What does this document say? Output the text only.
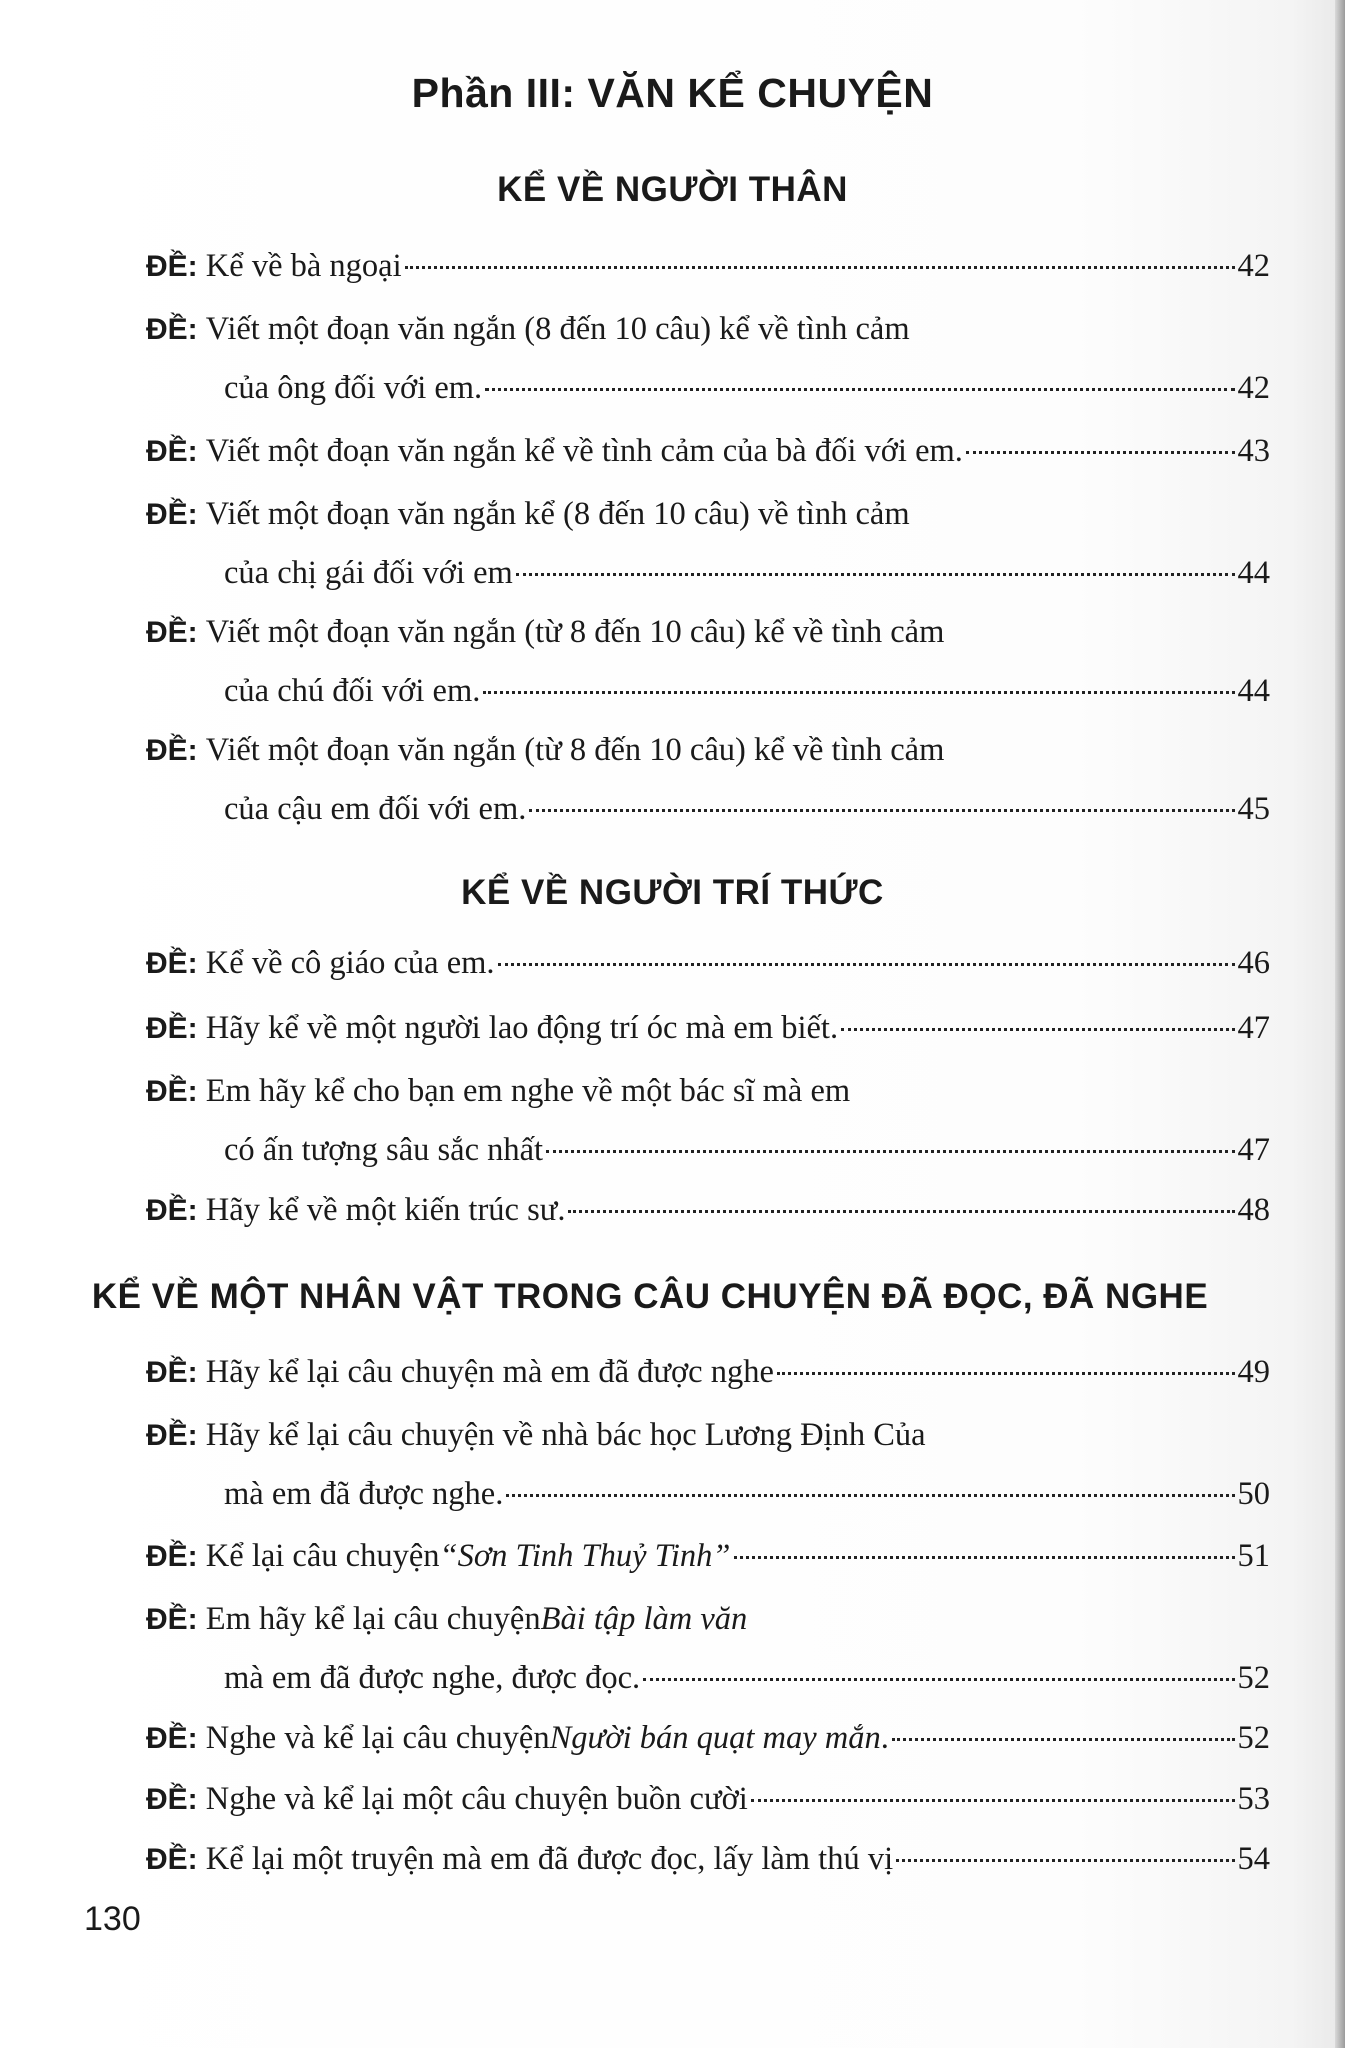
Phần III: VĂN KỂ CHUYỆN
KỂ VỀ NGƯỜI THÂN
ĐỀ:
Kể về bà ngoại	42
ĐỀ:
Viết một đoạn văn ngắn (8 đến 10 câu) kể về tình cảm
của ông đối với em.	42
ĐỀ:
Viết một đoạn văn ngắn kể về tình cảm của bà đối với em.	43
ĐỀ:
Viết một đoạn văn ngắn kể (8 đến 10 câu) về tình cảm
của chị gái đối với em	44
ĐỀ:
Viết một đoạn văn ngắn (từ 8 đến 10 câu) kể về tình cảm
của chú đối với em.	44
ĐỀ:
Viết một đoạn văn ngắn (từ 8 đến 10 câu) kể về tình cảm
của cậu em đối với em.	45
KỂ VỀ NGƯỜI TRÍ THỨC
ĐỀ:
Kể về cô giáo của em.	46
ĐỀ:
Hãy kể về một người lao động trí óc mà em biết.	47
ĐỀ:
Em hãy kể cho bạn em nghe về một bác sĩ mà em
có ấn tượng sâu sắc nhất	47
ĐỀ:
Hãy kể về một kiến trúc sư.	48
KỂ VỀ MỘT NHÂN VẬT TRONG CÂU CHUYỆN ĐÃ ĐỌC, ĐÃ NGHE
ĐỀ:
Hãy kể lại câu chuyện mà em đã được nghe	49
ĐỀ:
Hãy kể lại câu chuyện về nhà bác học Lương Định Của
mà em đã được nghe.	50
ĐỀ:
Kể lại câu chuyện “Sơn Tinh Thuỷ Tinh”	51
ĐỀ:
Em hãy kể lại câu chuyện Bài tập làm văn
mà em đã được nghe, được đọc.	52
ĐỀ:
Nghe và kể lại câu chuyện Người bán quạt may mắn .	52
ĐỀ:
Nghe và kể lại một câu chuyện buồn cười	53
ĐỀ:
Kể lại một truyện mà em đã được đọc, lấy làm thú vị	54
130
